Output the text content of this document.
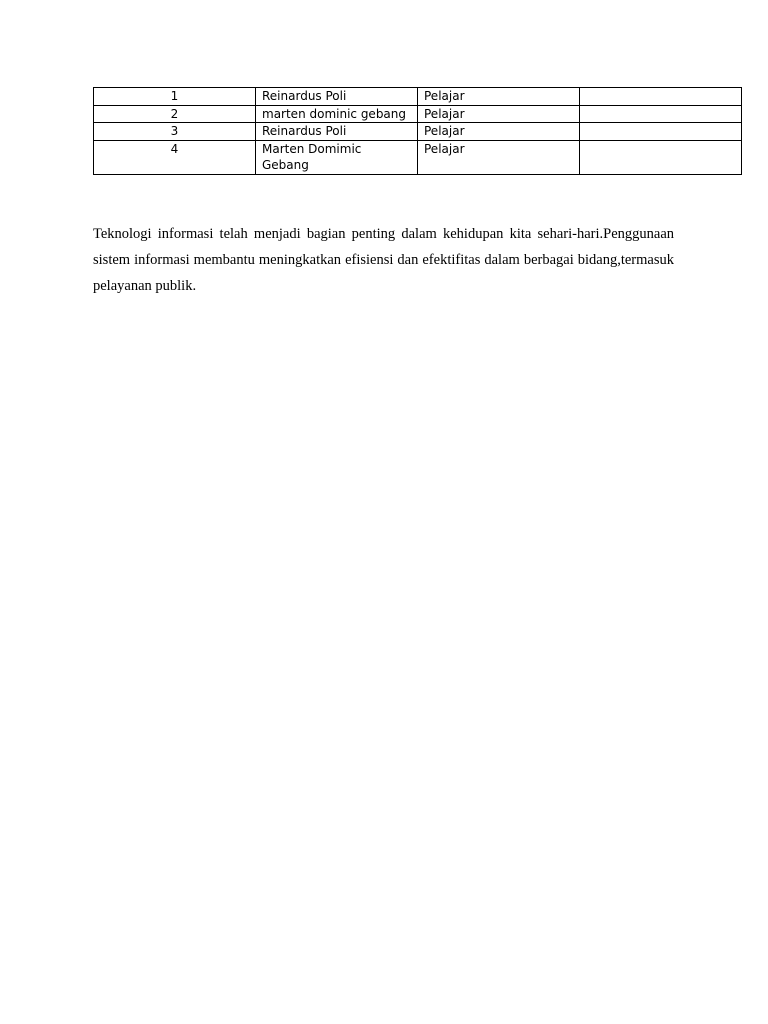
1	Reinardus Poli	Pelajar	
2	marten dominic gebang	Pelajar	
3	Reinardus Poli	Pelajar	
4	Marten Domimic Gebang	Pelajar	

Teknologi informasi telah menjadi bagian penting dalam kehidupan kita sehari-hari.Penggunaan sistem informasi membantu meningkatkan efisiensi dan efektifitas dalam berbagai bidang,termasuk pelayanan publik.
